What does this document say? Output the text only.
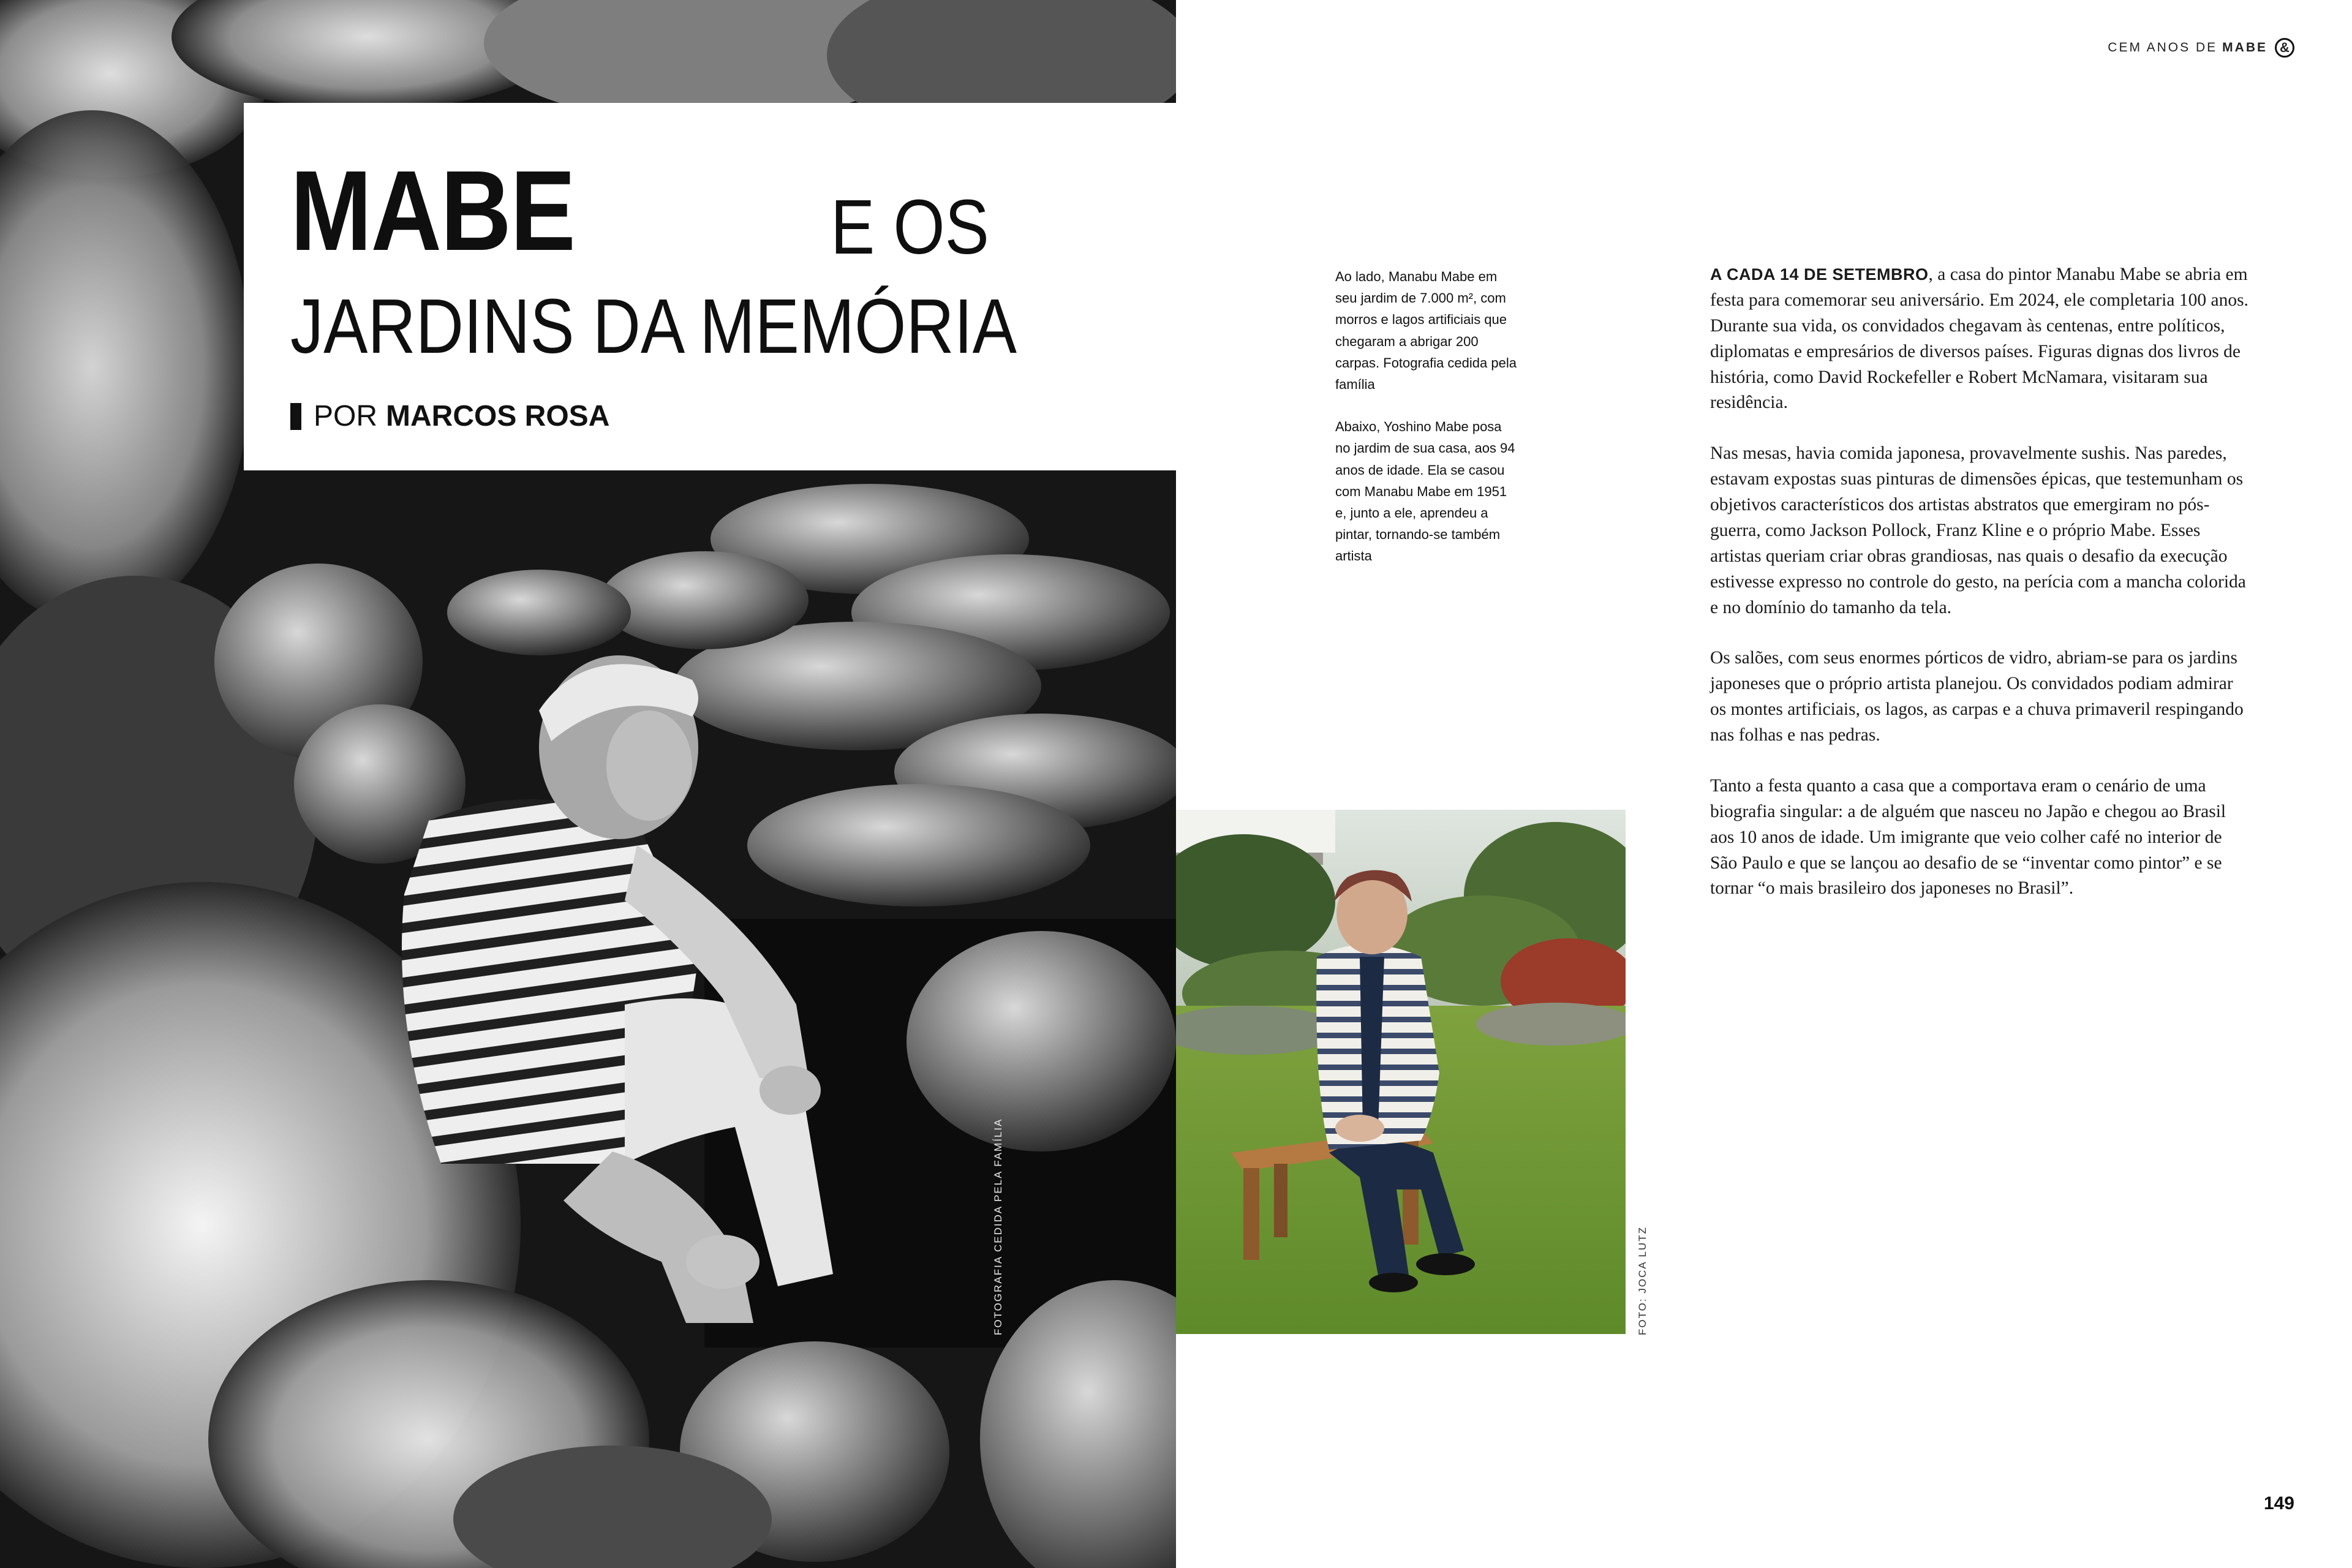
MABE	E OS
JARDINS DA MEMÓRIA
POR MARCOS ROSA
FOTOGRAFIA CEDIDA PELA FAMÍLIA
CEM ANOS DE MABE &

Ao lado, Manabu Mabe em seu jardim de 7.000 m², com morros e lagos artificiais que chegaram a abrigar 200 carpas. Fotografia cedida pela família

Abaixo, Yoshino Mabe posa no jardim de sua casa, aos 94 anos de idade. Ela se casou com Manabu Mabe em 1951 e, junto a ele, aprendeu a pintar, tornando-se também artista

FOTO: JOCA LUTZ

A CADA 14 DE SETEMBRO, a casa do pintor Manabu Mabe se abria em festa para comemorar seu aniversário. Em 2024, ele completaria 100 anos. Durante sua vida, os convidados chegavam às centenas, entre políticos, diplomatas e empresários de diversos países. Figuras dignas dos livros de história, como David Rockefeller e Robert McNamara, visitaram sua residência.

Nas mesas, havia comida japonesa, provavelmente sushis. Nas paredes, estavam expostas suas pinturas de dimensões épicas, que testemunham os objetivos característicos dos artistas abstratos que emergiram no pós-guerra, como Jackson Pollock, Franz Kline e o próprio Mabe. Esses artistas queriam criar obras grandiosas, nas quais o desafio da execução estivesse expresso no controle do gesto, na perícia com a mancha colorida e no domínio do tamanho da tela.

Os salões, com seus enormes pórticos de vidro, abriam-se para os jardins japoneses que o próprio artista planejou. Os convidados podiam admirar os montes artificiais, os lagos, as carpas e a chuva primaveril respingando nas folhas e nas pedras.

Tanto a festa quanto a casa que a comportava eram o cenário de uma biografia singular: a de alguém que nasceu no Japão e chegou ao Brasil aos 10 anos de idade. Um imigrante que veio colher café no interior de São Paulo e que se lançou ao desafio de se “inventar como pintor” e se tornar “o mais brasileiro dos japoneses no Brasil”.

149
